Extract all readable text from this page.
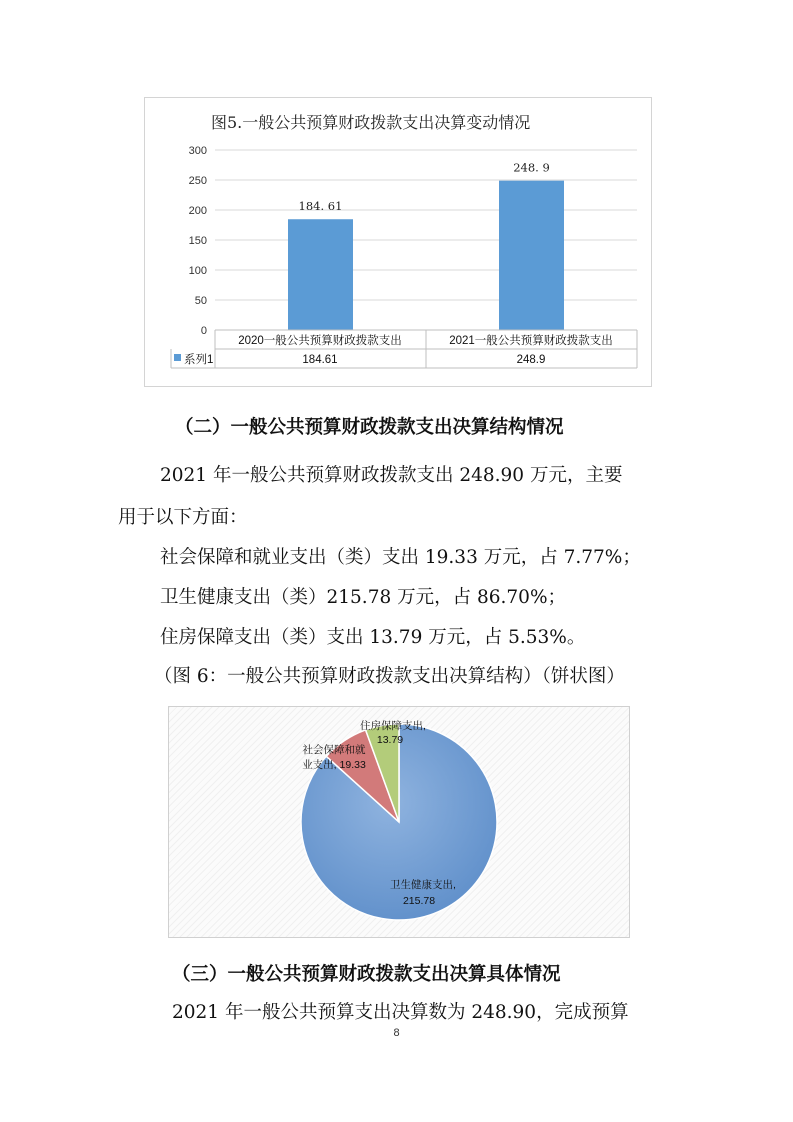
图5.一般公共预算财政拨款支出决算变动情况
0
50
100
150
200
250
300
184. 61
248. 9
2020一般公共预算财政拨款支出	2021一般公共预算财政拨款支出
系列1	184.61	248.9
（二）一般公共预算财政拨款支出决算结构情况
2021 年一般公共预算财政拨款支出 248.90 万元，主要
用于以下方面：
社会保障和就业支出（类）支出 19.33 万元，占 7.77%；
卫生健康支出（类）215.78 万元，占 86.70%；
住房保障支出（类）支出 13.79 万元，占 5.53%。
（图 6：一般公共预算财政拨款支出决算结构）（饼状图）
住房保障支出,
13.79
社会保障和就
业支出, 19.33
卫生健康支出,
215.78
（三）一般公共预算财政拨款支出决算具体情况
2021 年一般公共预算支出决算数为 248.90，完成预算
8
